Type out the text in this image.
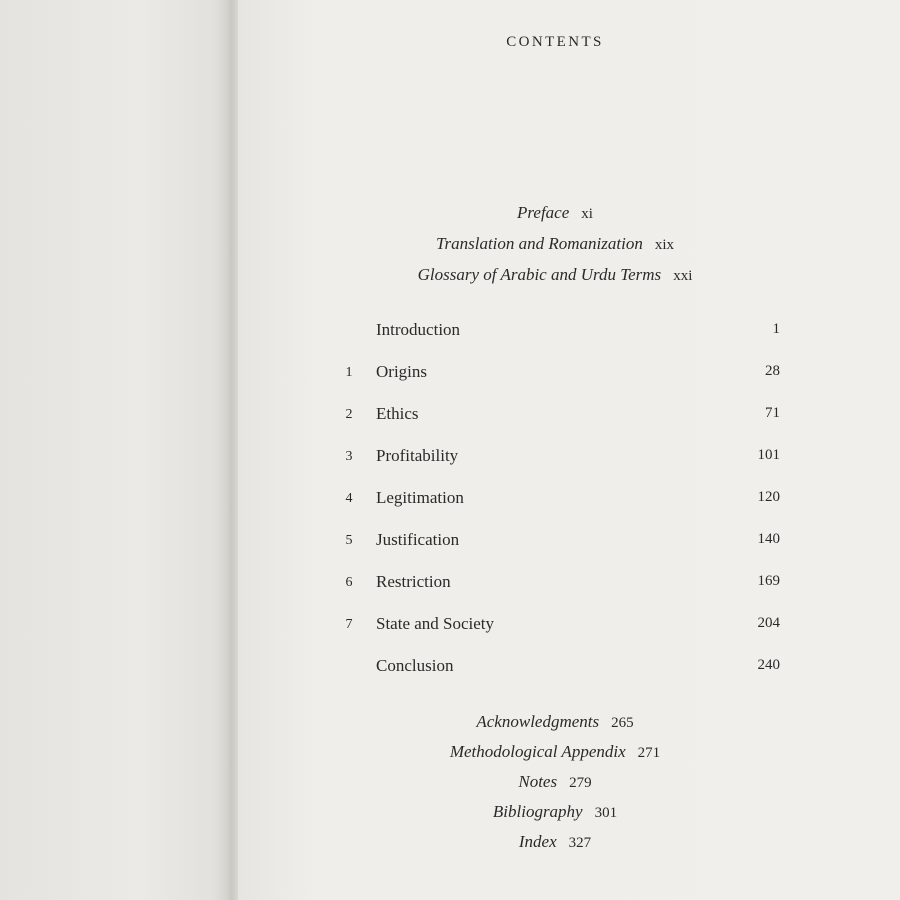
CONTENTS
Preface xi
Translation and Romanization xix
Glossary of Arabic and Urdu Terms xxi
Introduction	1
1 Origins	28
2 Ethics	71
3 Profitability	101
4 Legitimation	120
5 Justification	140
6 Restriction	169
7 State and Society	204
Conclusion	240
Acknowledgments 265
Methodological Appendix 271
Notes 279
Bibliography 301
Index 327
